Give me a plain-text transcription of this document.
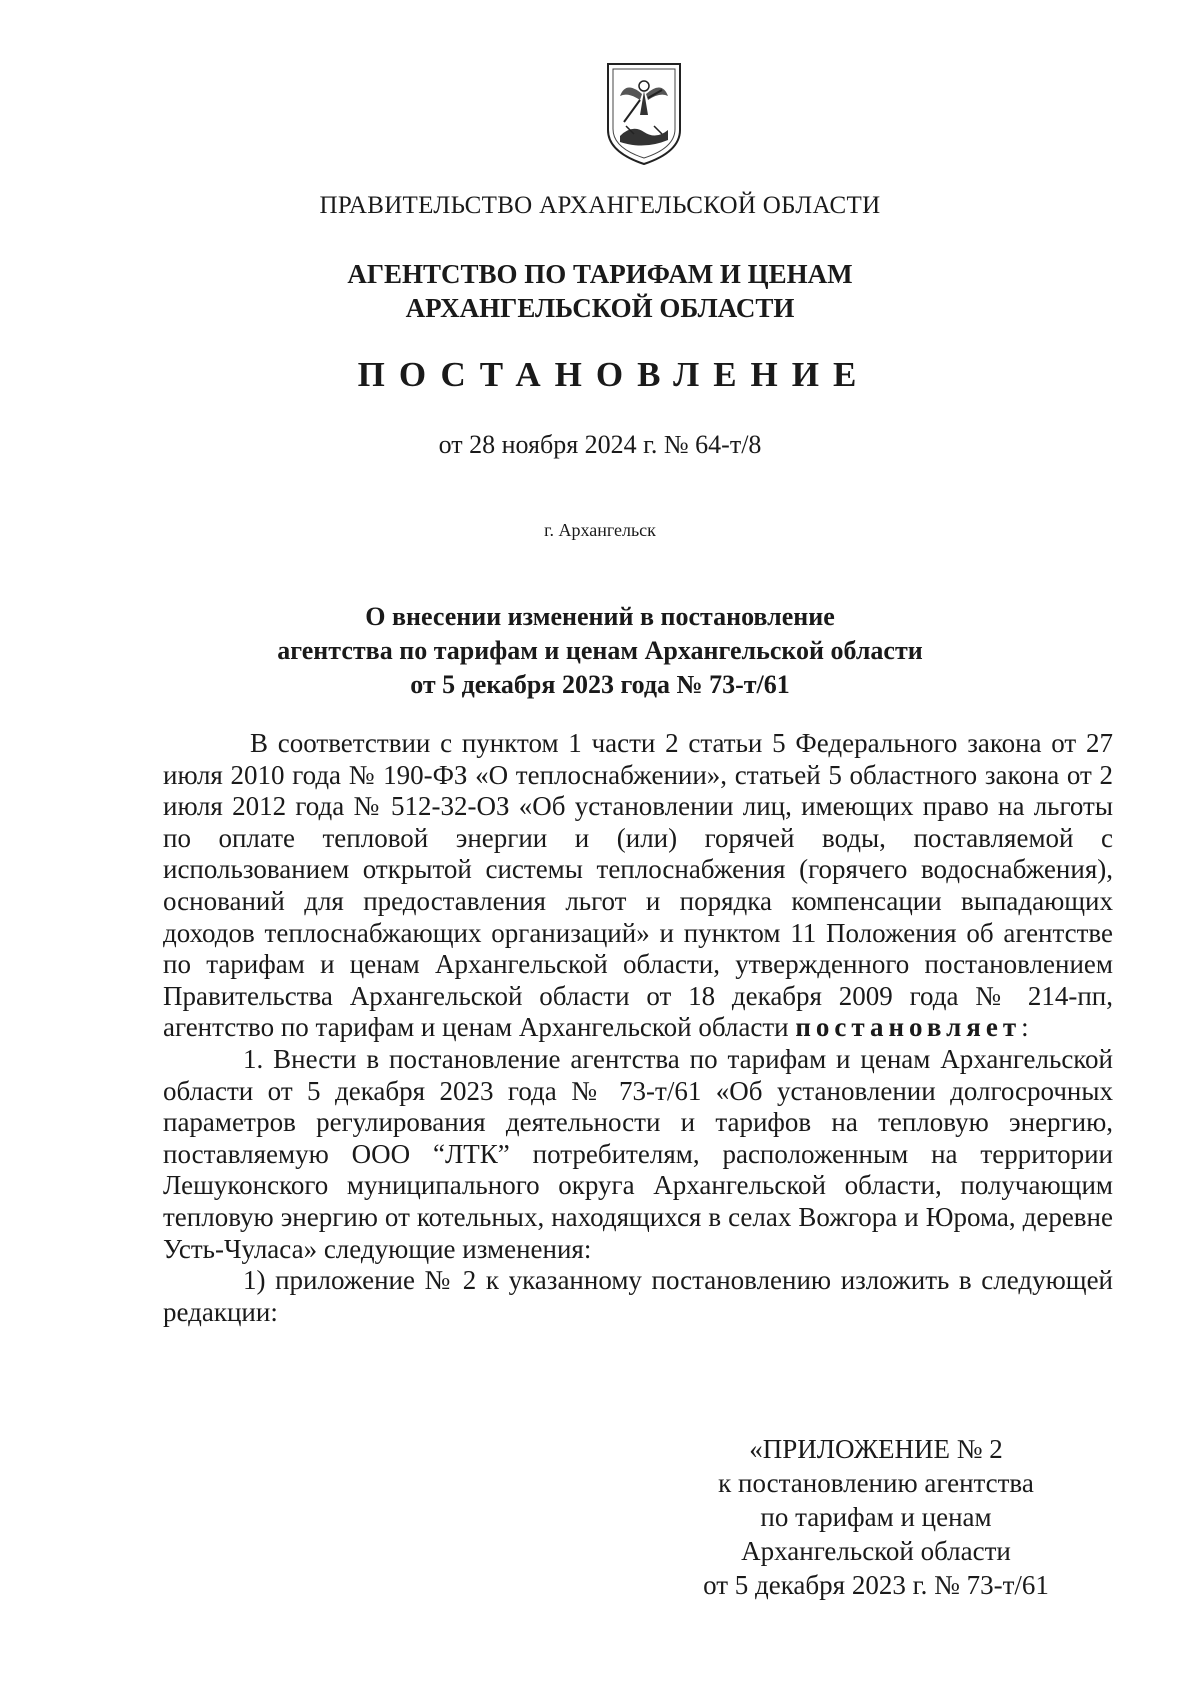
ПРАВИТЕЛЬСТВО АРХАНГЕЛЬСКОЙ ОБЛАСТИ
АГЕНТСТВО ПО ТАРИФАМ И ЦЕНАМ
АРХАНГЕЛЬСКОЙ ОБЛАСТИ
ПОСТАНОВЛЕНИЕ
от 28 ноября 2024 г. № 64-т/8
г. Архангельск
О внесении изменений в постановление
агентства по тарифам и ценам Архангельской области
от 5 декабря 2023 года № 73-т/61

В соответствии с пунктом 1 части 2 статьи 5 Федерального закона от 27 июля 2010 года № 190-ФЗ «О теплоснабжении», статьей 5 областного закона от 2 июля 2012 года № 512-32-ОЗ «Об установлении лиц, имеющих право на льготы по оплате тепловой энергии и (или) горячей воды, поставляемой с использованием открытой системы теплоснабжения (горячего водоснабжения), оснований для предоставления льгот и порядка компенсации выпадающих доходов теплоснабжающих организаций» и пунктом 11 Положения об агентстве по тарифам и ценам Архангельской области, утвержденного постановлением Правительства Архангельской области от 18 декабря 2009 года № 214-пп, агентство по тарифам и ценам Архангельской области постановляет:

1. Внести в постановление агентства по тарифам и ценам Архангельской области от 5 декабря 2023 года № 73-т/61 «Об установлении долгосрочных параметров регулирования деятельности и тарифов на тепловую энергию, поставляемую ООО “ЛТК” потребителям, расположенным на территории Лешуконского муниципального округа Архангельской области, получающим тепловую энергию от котельных, находящихся в селах Вожгора и Юрома, деревне Усть-Чуласа» следующие изменения:

1) приложение № 2 к указанному постановлению изложить в следующей редакции:

«ПРИЛОЖЕНИЕ № 2
к постановлению агентства
по тарифам и ценам
Архангельской области
от 5 декабря 2023 г. № 73-т/61
